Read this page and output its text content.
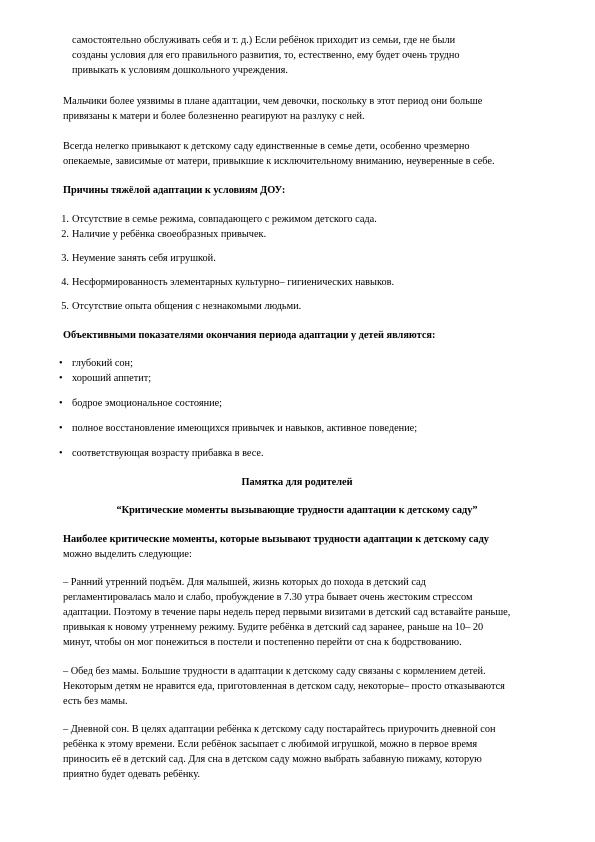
самостоятельно обслуживать себя и т. д.) Если ребёнок приходит из семьи, где не были

созданы условия для его правильного развития, то, естественно, ему будет очень трудно

привыкать к условиям дошкольного учреждения.

Мальчики более уязвимы в плане адаптации, чем девочки, поскольку в этот период они больше

привязаны к матери и более болезненно реагируют на разлуку с ней.

Всегда нелегко привыкают к детскому саду единственные в семье дети, особенно чрезмерно

опекаемые, зависимые от матери, привыкшие к исключительному вниманию, неуверенные в себе.

Причины тяжёлой адаптации к условиям ДОУ:
1. Отсутствие в семье режима, совпадающего с режимом детского сада.
2. Наличие у ребёнка своеобразных привычек.
3. Неумение занять себя игрушкой.
4. Несформированность элементарных культурно– гигиенических навыков.
5. Отсутствие опыта общения с незнакомыми людьми.
Объективными показателями окончания периода адаптации у детей являются:
• глубокий сон;
• хороший аппетит;
• бодрое эмоциональное состояние;
• полное восстановление имеющихся привычек и навыков, активное поведение;
• соответствующая возрасту прибавка в весе.
Памятка для родителей
“Критические моменты вызывающие трудности адаптации к детскому саду”

Наиболее критические моменты, которые вызывают трудности адаптации к детскому саду

можно выделить следующие:

– Ранний утренний подъём. Для малышей, жизнь которых до похода в детский сад

регламентировалась мало и слабо, пробуждение в 7.30 утра бывает очень жестоким стрессом

адаптации. Поэтому в течение пары недель перед первыми визитами в детский сад вставайте раньше,

привыкая к новому утреннему режиму. Будите ребёнка в детский сад заранее, раньше на 10– 20

минут, чтобы он мог понежиться в постели и постепенно перейти от сна к бодрствованию.

– Обед без мамы. Большие трудности в адаптации к детскому саду связаны с кормлением детей.

Некоторым детям не нравится еда, приготовленная в детском саду, некоторые– просто отказываются

есть без мамы.

– Дневной сон. В целях адаптации ребёнка к детскому саду постарайтесь приурочить дневной сон

ребёнка к этому времени. Если ребёнок засыпает с любимой игрушкой, можно в первое время

приносить её в детский сад. Для сна в детском саду можно выбрать забавную пижаму, которую

приятно будет одевать ребёнку.
